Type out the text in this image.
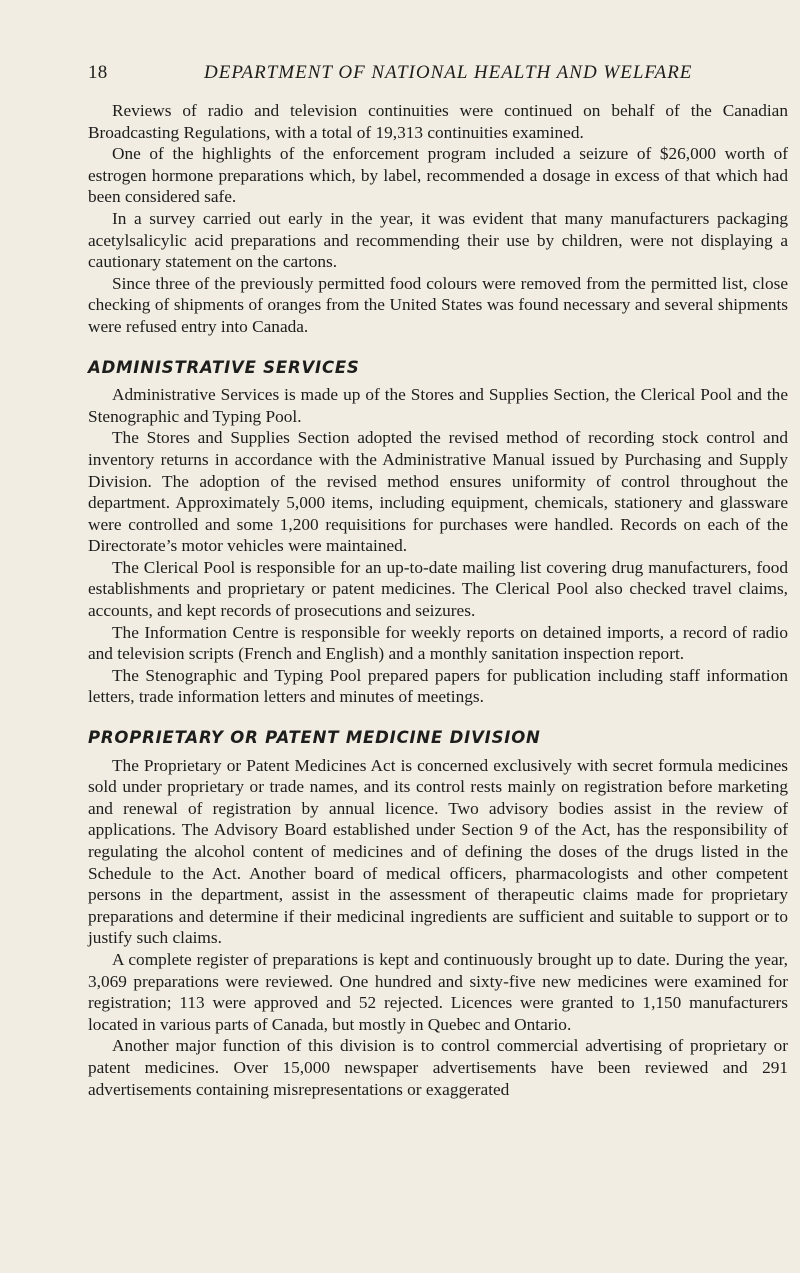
18	DEPARTMENT OF NATIONAL HEALTH AND WELFARE

Reviews of radio and television continuities were continued on behalf of the Canadian Broadcasting Regulations, with a total of 19,313 continuities examined.

One of the highlights of the enforcement program included a seizure of $26,000 worth of estrogen hormone preparations which, by label, recommended a dosage in excess of that which had been considered safe.

In a survey carried out early in the year, it was evident that many manufacturers packaging acetylsalicylic acid preparations and recommending their use by children, were not displaying a cautionary statement on the cartons.

Since three of the previously permitted food colours were removed from the permitted list, close checking of shipments of oranges from the United States was found necessary and several shipments were refused entry into Canada.

ADMINISTRATIVE SERVICES

Administrative Services is made up of the Stores and Supplies Section, the Clerical Pool and the Stenographic and Typing Pool.

The Stores and Supplies Section adopted the revised method of recording stock control and inventory returns in accordance with the Administrative Manual issued by Purchasing and Supply Division. The adoption of the revised method ensures uniformity of control throughout the department. Approximately 5,000 items, including equipment, chemicals, stationery and glassware were controlled and some 1,200 requisitions for purchases were handled. Records on each of the Directorate’s motor vehicles were maintained.

The Clerical Pool is responsible for an up-to-date mailing list covering drug manufacturers, food establishments and proprietary or patent medicines. The Clerical Pool also checked travel claims, accounts, and kept records of prosecutions and seizures.

The Information Centre is responsible for weekly reports on detained imports, a record of radio and television scripts (French and English) and a monthly sanitation inspection report.

The Stenographic and Typing Pool prepared papers for publication including staff information letters, trade information letters and minutes of meetings.

PROPRIETARY OR PATENT MEDICINE DIVISION

The Proprietary or Patent Medicines Act is concerned exclusively with secret formula medicines sold under proprietary or trade names, and its control rests mainly on registration before marketing and renewal of registration by annual licence. Two advisory bodies assist in the review of applications. The Advisory Board established under Section 9 of the Act, has the responsibility of regulating the alcohol content of medicines and of defining the doses of the drugs listed in the Schedule to the Act. Another board of medical officers, pharmacologists and other competent persons in the department, assist in the assessment of therapeutic claims made for proprietary preparations and determine if their medicinal ingredients are sufficient and suitable to support or to justify such claims.

A complete register of preparations is kept and continuously brought up to date. During the year, 3,069 preparations were reviewed. One hundred and sixty-five new medicines were examined for registration; 113 were approved and 52 rejected. Licences were granted to 1,150 manufacturers located in various parts of Canada, but mostly in Quebec and Ontario.

Another major function of this division is to control commercial advertising of proprietary or patent medicines. Over 15,000 newspaper advertisements have been reviewed and 291 advertisements containing misrepresentations or exaggerated
